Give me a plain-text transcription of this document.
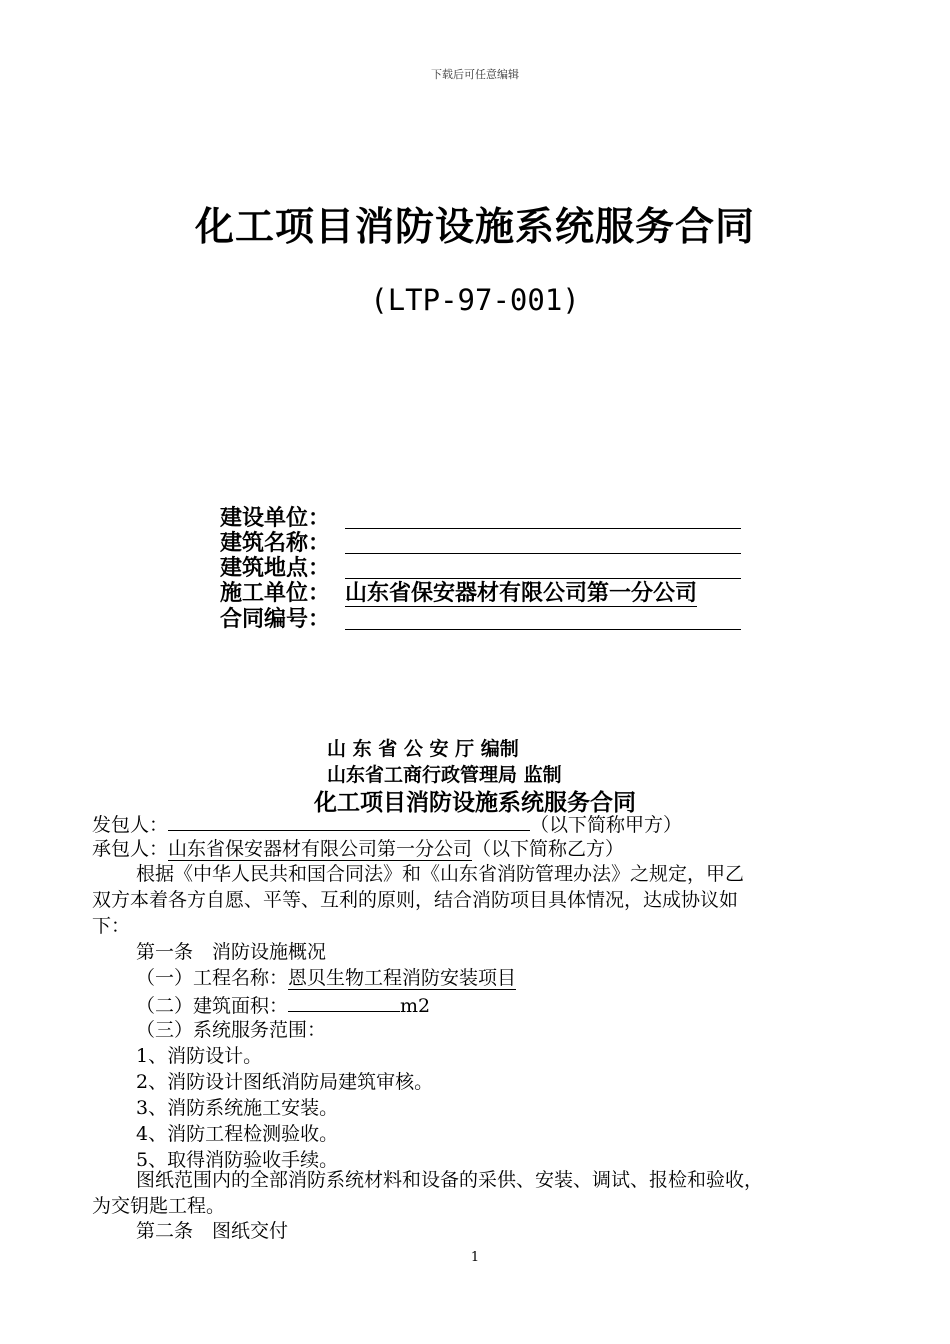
下载后可任意编辑
化工项目消防设施系统服务合同
(LTP-97-001)
建设单位：
建筑名称：
建筑地点：
施工单位： 山东省保安器材有限公司第一分公司
合同编号：
山 东 省 公 安 厅 编制
山东省工商行政管理局 监制
化工项目消防设施系统服务合同
发包人：	（以下简称甲方）
承包人：山东省保安器材有限公司第一分公司（以下简称乙方）
根据《中华人民共和国合同法》和《山东省消防管理办法》之规定，甲乙
双方本着各方自愿、平等、互利的原则，结合消防项目具体情况，达成协议如
下：
第一条　消防设施概况
（一）工程名称：恩贝生物工程消防安装项目
（二）建筑面积：	m2
（三）系统服务范围：
1、消防设计。
2、消防设计图纸消防局建筑审核。
3、消防系统施工安装。
4、消防工程检测验收。
5、取得消防验收手续。
图纸范围内的全部消防系统材料和设备的采供、安装、调试、报检和验收，
为交钥匙工程。
第二条　图纸交付
1
